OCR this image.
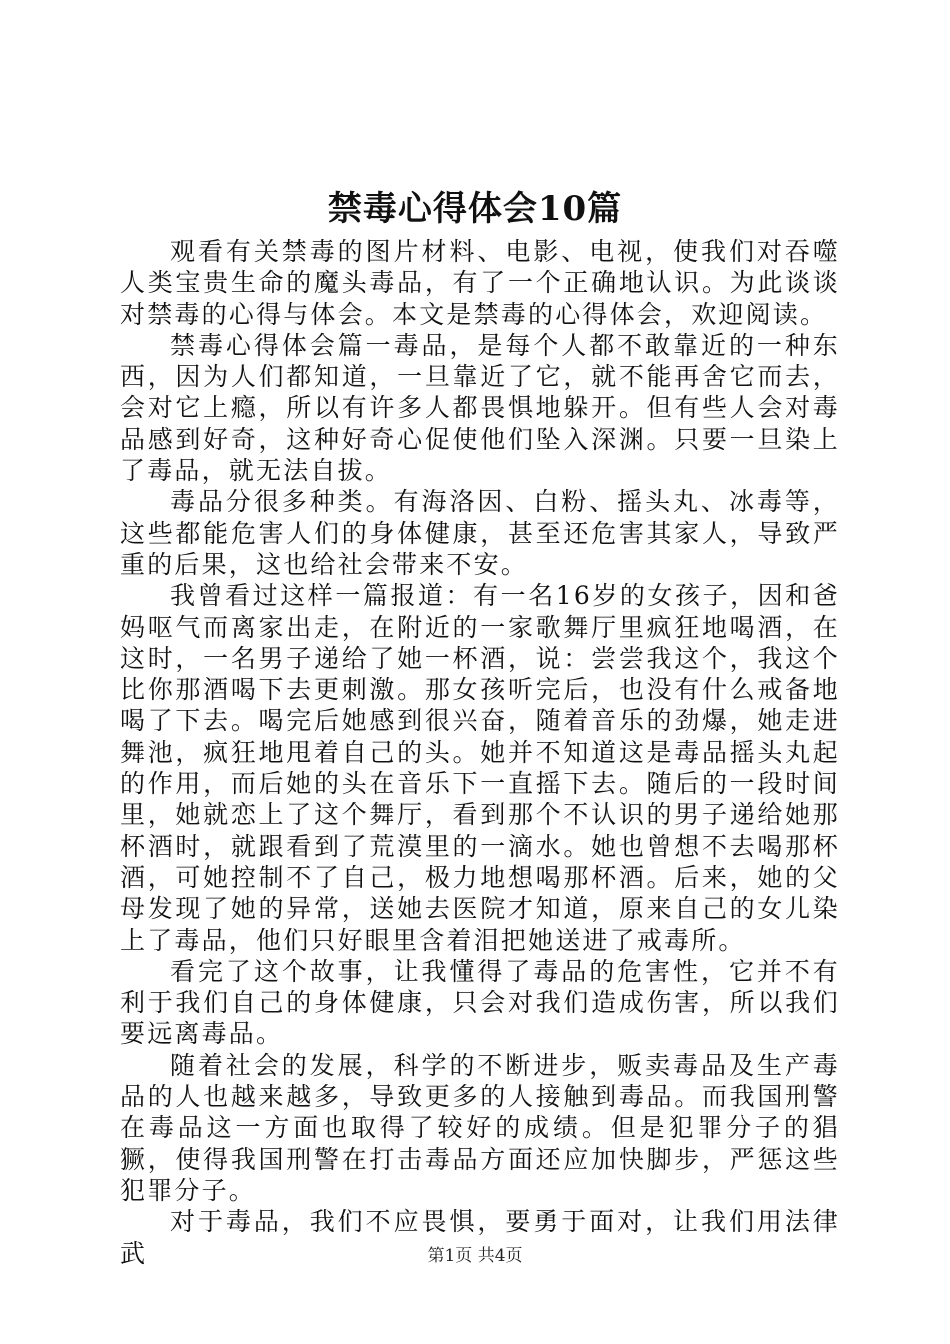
禁毒心得体会10篇

观看有关禁毒的图片材料、电影、电视，使我们对吞噬人类宝贵生命的魔头毒品，有了一个正确地认识。为此谈谈对禁毒的心得与体会。本文是禁毒的心得体会，欢迎阅读。

禁毒心得体会篇一毒品，是每个人都不敢靠近的一种东西，因为人们都知道，一旦靠近了它，就不能再舍它而去，会对它上瘾，所以有许多人都畏惧地躲开。但有些人会对毒品感到好奇，这种好奇心促使他们坠入深渊。只要一旦染上了毒品，就无法自拔。

毒品分很多种类。有海洛因、白粉、摇头丸、冰毒等，这些都能危害人们的身体健康，甚至还危害其家人，导致严重的后果，这也给社会带来不安。

我曾看过这样一篇报道：有一名16岁的女孩子，因和爸妈呕气而离家出走，在附近的一家歌舞厅里疯狂地喝酒，在这时，一名男子递给了她一杯酒，说：尝尝我这个，我这个比你那酒喝下去更刺激。那女孩听完后，也没有什么戒备地喝了下去。喝完后她感到很兴奋，随着音乐的劲爆，她走进舞池，疯狂地甩着自己的头。她并不知道这是毒品摇头丸起的作用，而后她的头在音乐下一直摇下去。随后的一段时间里，她就恋上了这个舞厅，看到那个不认识的男子递给她那杯酒时，就跟看到了荒漠里的一滴水。她也曾想不去喝那杯酒，可她控制不了自己，极力地想喝那杯酒。后来，她的父母发现了她的异常，送她去医院才知道，原来自己的女儿染上了毒品，他们只好眼里含着泪把她送进了戒毒所。

看完了这个故事，让我懂得了毒品的危害性，它并不有利于我们自己的身体健康，只会对我们造成伤害，所以我们要远离毒品。

随着社会的发展，科学的不断进步，贩卖毒品及生产毒品的人也越来越多，导致更多的人接触到毒品。而我国刑警在毒品这一方面也取得了较好的成绩。但是犯罪分子的猖獗，使得我国刑警在打击毒品方面还应加快脚步，严惩这些犯罪分子。

对于毒品，我们不应畏惧，要勇于面对，让我们用法律武	第1页 共4页
